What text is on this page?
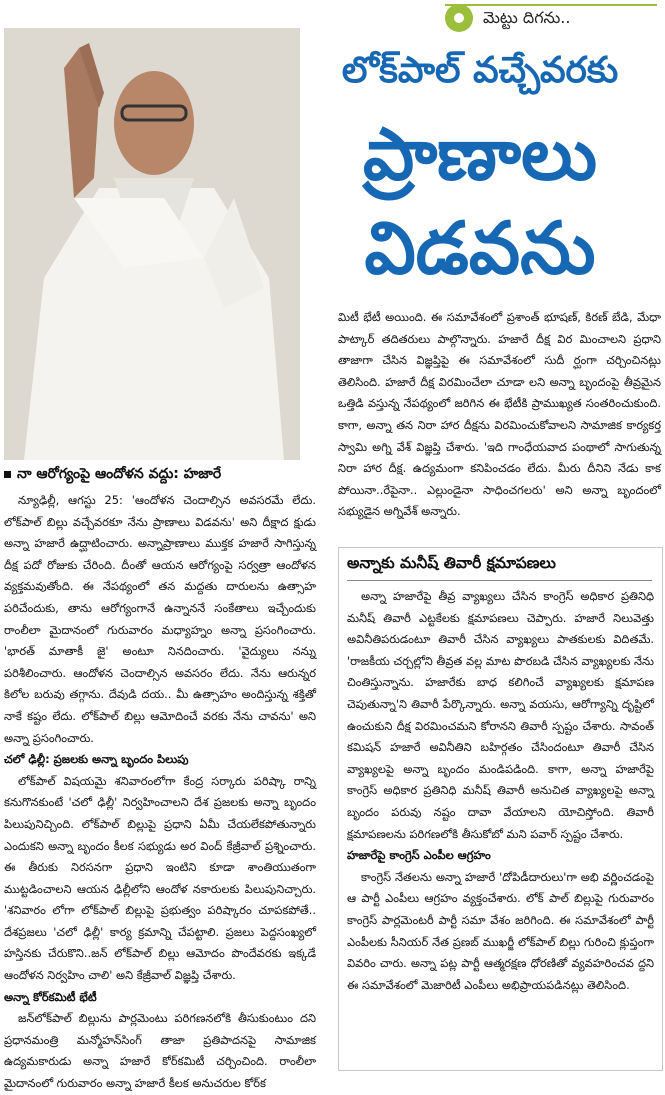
మెట్టు దిగను..
లోక్‌పాల్ వచ్చేవరకు
ప్రాణాలు
విడవను
నా ఆరోగ్యంపై ఆందోళన వద్దు: హజారే

న్యూఢిల్లీ, ఆగస్టు 25: 'ఆందోళన చెందాల్సిన అవసరమే లేదు. లోక్‌పాల్ బిల్లు వచ్చేవరకూ నేను ప్రాణాలు విడవను' అని దీక్షాద క్షుడు అన్నా హజారే ఉద్ఘాటించారు. అన్నాప్రాణాలు ముక్తక హజారే సాగిస్తున్న దీక్ష పదో రోజుకు చేరింది. దీంతో ఆయన ఆరోగ్యంపై సర్వత్రా ఆందోళన వ్యక్తమవుతోంది. ఈ నేపథ్యంలో తన మద్దతు దారులను ఉత్సాహ పరిచేందుకు, తాను ఆరోగ్యంగానే ఉన్నాననే సంకేతాలు ఇచ్చేందుకు రాంలీలా మైదానంలో గురువారం మధ్యాహ్నం అన్నా ప్రసంగించారు. 'భారత్ మాతాకీ జై' అంటూ నినదించారు. 'వైద్యులు నన్ను పరిశీలించారు. ఆందోళన చెందాల్సిన అవసరం లేదు. నేను ఆరున్నర కిలోల బరువు తగ్గాను. దేవుడి దయ.. మీ ఉత్సాహం అందిస్తున్న శక్తితో నాకే కష్టం లేదు. లోక్‌పాల్ బిల్లు ఆమోదించే వరకు నేను చావను' అని అన్నా ప్రసంగించారు.

చలో ఢిల్లీ: ప్రజలకు అన్నా బృందం పిలుపు

లోక్‌పాల్ విషయమై శనివారంలోగా కేంద్ర సర్కారు పరిష్కా రాన్ని కనుగొనకుంటే 'చలో ఢిల్లీ' నిర్వహించాలని దేశ ప్రజలకు అన్నా బృందం పిలుపునిచ్చింది. లోక్‌పాల్ బిల్లుపై ప్రధాని ఏమీ చేయలేకపోతున్నారు ఎందుకని అన్నా బృందం కీలక సభ్యుడు అర వింద్ కేజ్రీవాల్ ప్రశ్నించారు. ఈ తీరుకు నిరసనగా ప్రధాని ఇంటిని కూడా శాంతియుతంగా ముట్టడించాలని ఆయన ఢిల్లీలోని ఆందోళ నకారులకు పిలుపునిచ్చారు. 'శనివారం లోగా లోక్‌పాల్ బిల్లుపై ప్రభుత్వం పరిష్కారం చూపకపోతే.. దేశప్రజలు 'చలో ఢిల్లీ' కార్య క్రమాన్ని చేపట్టాలి. ప్రజలు పెద్దసంఖ్యలో హస్తినకు చేరుకొని..జన్ లోక్‌పాల్ బిల్లు ఆమోదం పొందేవరకు ఇక్కడే ఆందోళన నిర్వహిం చాలి' అని కేజ్రీవాల్ విజ్ఞప్తి చేశారు.

అన్నా కోర్‌కమిటీ భేటీ

జన్‌లోక్‌పాల్ బిల్లును పార్లమెంటు పరిగణనలోకి తీసుకుంటుం దని ప్రధానమంత్రి మన్మోహన్‌సింగ్ తాజా ప్రతిపాదనపై సామాజిక ఉద్యమకారుడు అన్నా హజారే కోర్‌కమిటీ చర్చించింది. రాంలీలా మైదానంలో గురువారం అన్నా హజారే కీలక అనుచరుల కోర్‌క

మిటీ భేటీ అయింది. ఈ సమావేశంలో ప్రశాంత్ భూషణ్, కిరణ్ బేడి, మేధా పాట్కార్ తదితరులు పాల్గొన్నారు. హజారే దీక్ష విర మించాలని ప్రధాని తాజాగా చేసిన విజ్ఞప్తిపై ఈ సమావేశంలో సుదీ ర్ఘంగా చర్చించినట్లు తెలిసింది. హజారే దీక్ష విరమించేలా చూడా లని అన్నా బృందంపై తీవ్రమైన ఒత్తిడి వస్తున్న నేపథ్యంలో జరిగిన ఈ భేటీకి ప్రాముఖ్యత సంతరించుకుంది. కాగా, అన్నా తన నిరా హార దీక్షను విరమించుకోవాలని సామాజిక కార్యకర్త స్వామి అగ్ని వేశ్ విజ్ఞప్తి చేశారు. 'ఇది గాంధేయవాద పంథాలో సాగుతున్న నిరా హార దీక్ష. ఉద్యమంగా కనిపించడం లేదు. మీరు దీనిని నేడు కాక పోయినా..రేపైనా.. ఎల్లుండైనా సాధించగలరు' అని అన్నా బృందంలో సభ్యుడైన అగ్నివేశ్ అన్నారు.

అన్నాకు మనీష్ తివారీ క్షమాపణలు

అన్నా హజారేపై తీవ్ర వ్యాఖ్యలు చేసిన కాంగ్రెస్ అధికార ప్రతినిధి మనీష్ తివారీ ఎట్టకేలకు క్షమాపణలు చెప్పారు. హజారే నిలువెత్తు అవినీతిపరుడంటూ తివారీ చేసిన వ్యాఖ్యలు పాతకులకు విదితమే. 'రాజకీయ చర్చల్లోని తీవ్రత వల్ల మాట పొరబడి చేసిన వ్యాఖ్యలకు నేను చింతిస్తున్నాను. హజారేకు బాధ కలిగించే వ్యాఖ్యలకు క్షమాపణ చెపుతున్నా'ని తివారీ పేర్కొన్నారు. అన్నా వయసు, ఆరోగ్యాన్ని దృష్టిలో ఉంచుకుని దీక్ష విరమించమని కోరానని తివారీ స్పష్టం చేశారు. సావంత్ కమిషన్ హజారే అవినీతిని బహిర్గతం చేసిందంటూ తివారీ చేసిన వ్యాఖ్యలపై అన్నా బృందం మండిపడింది. కాగా, అన్నా హజారేపై కాంగ్రెస్ అధికార ప్రతినిధి మనీష్ తివారీ అనుచిత వ్యాఖ్యలపై అన్నా బృందం పరువు నష్టం దావా వేయాలని యోచిస్తోంది. తివారీ క్షమాపణలను పరిగణలోకి తీసుకోబో మని పవార్ స్పష్టం చేశారు.

హజారేపై కాంగ్రెస్ ఎంపీల ఆగ్రహం

కాంగ్రెస్ నేతలను అన్నా హజారే 'దోపిడీదారులు'గా అభి వర్ణించడంపై ఆ పార్టీ ఎంపీలు ఆగ్రహం వ్యక్తంచేశారు. లోక్ పాల్ బిల్లుపై గురువారం కాంగ్రెస్ పార్లమెంటరీ పార్టీ సమా వేశం జరిగింది. ఈ సమావేశంలో పార్టీ ఎంపీలకు సీనియర్ నేత ప్రణబ్ ముఖర్జీ లోక్‌పాల్ బిల్లు గురించి క్లుప్తంగా వివరిం చారు. అన్నా పట్ల పార్టీ ఆత్మరక్షణ ధోరణితో వ్యవహరించవ ద్దని ఈ సమావేశంలో మెజారిటీ ఎంపీలు అభిప్రాయపడినట్లు తెలిసింది.
